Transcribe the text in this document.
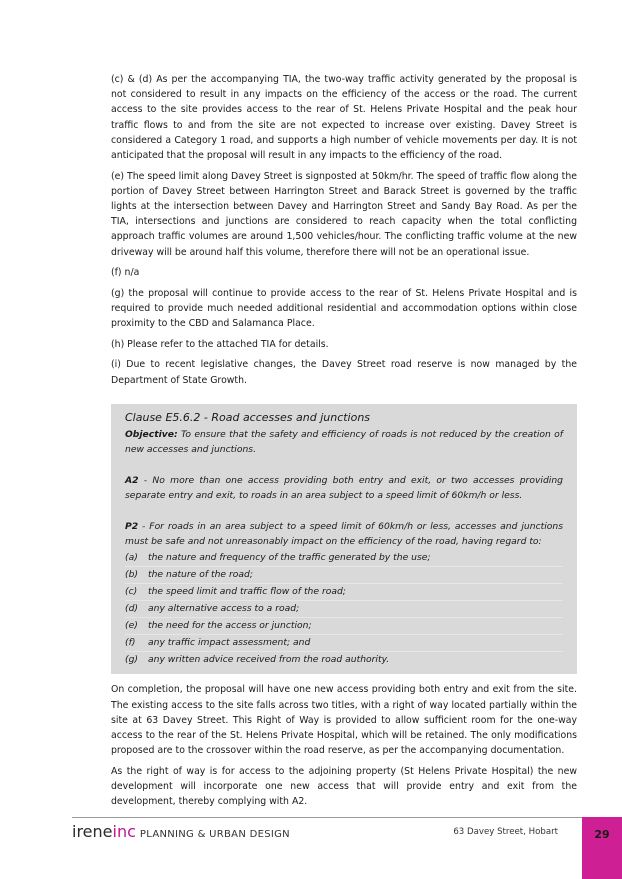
(c) & (d) As per the accompanying TIA, the two-way traffic activity generated by the proposal is not considered to result in any impacts on the efficiency of the access or the road. The current access to the site provides access to the rear of St. Helens Private Hospital and the peak hour traffic flows to and from the site are not expected to increase over existing. Davey Street is considered a Category 1 road, and supports a high number of vehicle movements per day. It is not anticipated that the proposal will result in any impacts to the efficiency of the road.

(e) The speed limit along Davey Street is signposted at 50km/hr. The speed of traffic flow along the portion of Davey Street between Harrington Street and Barack Street is governed by the traffic lights at the intersection between Davey and Harrington Street and Sandy Bay Road. As per the TIA, intersections and junctions are considered to reach capacity when the total conflicting approach traffic volumes are around 1,500 vehicles/hour. The conflicting traffic volume at the new driveway will be around half this volume, therefore there will not be an operational issue.

(f) n/a

(g) the proposal will continue to provide access to the rear of St. Helens Private Hospital and is required to provide much needed additional residential and accommodation options within close proximity to the CBD and Salamanca Place.

(h) Please refer to the attached TIA for details.

(i) Due to recent legislative changes, the Davey Street road reserve is now managed by the Department of State Growth.

Clause E5.6.2 - Road accesses and junctions

Objective: To ensure that the safety and efficiency of roads is not reduced by the creation of new accesses and junctions.

A2 - No more than one access providing both entry and exit, or two accesses providing separate entry and exit, to roads in an area subject to a speed limit of 60km/h or less.

P2 - For roads in an area subject to a speed limit of 60km/h or less, accesses and junctions must be safe and not unreasonably impact on the efficiency of the road, having regard to:

(a)	the nature and frequency of the traffic generated by the use;
(b)	the nature of the road;
(c)	the speed limit and traffic flow of the road;
(d)	any alternative access to a road;
(e)	the need for the access or junction;
(f)	any traffic impact assessment; and
(g)	any written advice received from the road authority.

On completion, the proposal will have one new access providing both entry and exit from the site. The existing access to the site falls across two titles, with a right of way located partially within the site at 63 Davey Street. This Right of Way is provided to allow sufficient room for the one-way access to the rear of the St. Helens Private Hospital, which will be retained. The only modifications proposed are to the crossover within the road reserve, as per the accompanying documentation.

As the right of way is for access to the adjoining property (St Helens Private Hospital) the new development will incorporate one new access that will provide entry and exit from the development, thereby complying with A2.

ireneinc PLANNING & URBAN DESIGN	63 Davey Street, Hobart	29
